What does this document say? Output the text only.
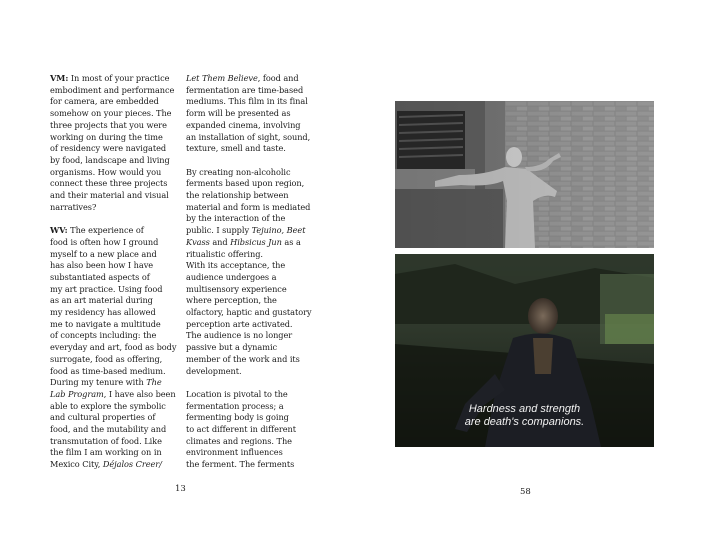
VM: In most of your practice
embodiment and performance
for camera, are embedded
somehow on your pieces. The
three projects that you were
working on during the time
of residency were navigated
by food, landscape and living
organisms. How would you
connect these three projects
and their material and visual
narratives?

WV: The experience of
food is often how I ground
myself to a new place and
has also been how I have
substantiated aspects of
my art practice. Using food
as an art material during
my residency has allowed
me to navigate a multitude
of concepts including: the
everyday and art, food as body
surrogate, food as offering,
food as time-based medium.
During my tenure with The
Lab Program, I have also been
able to explore the symbolic
and cultural properties of
food, and the mutability and
transmutation of food. Like
the film I am working on in
Mexico City, Déjalos Creer/

Let Them Believe, food and
fermentation are time-based
mediums. This film in its final
form will be presented as
expanded cinema, involving
an installation of sight, sound,
texture, smell and taste.

By creating non-alcoholic
ferments based upon region,
the relationship between
material and form is mediated
by the interaction of the
public. I supply Tejuino, Beet
Kvass and Hibsicus Jun as a
ritualistic offering.
With its acceptance, the
audience undergoes a
multisensory experience
where perception, the
olfactory, haptic and gustatory
perception arte activated.
The audience is no longer
passive but a dynamic
member of the work and its
development.

Location is pivotal to the
fermentation process; a
fermenting body is going
to act different in different
climates and regions. The
environment influences
the ferment. The ferments

13
Hardness and strength
are death's companions.
58
